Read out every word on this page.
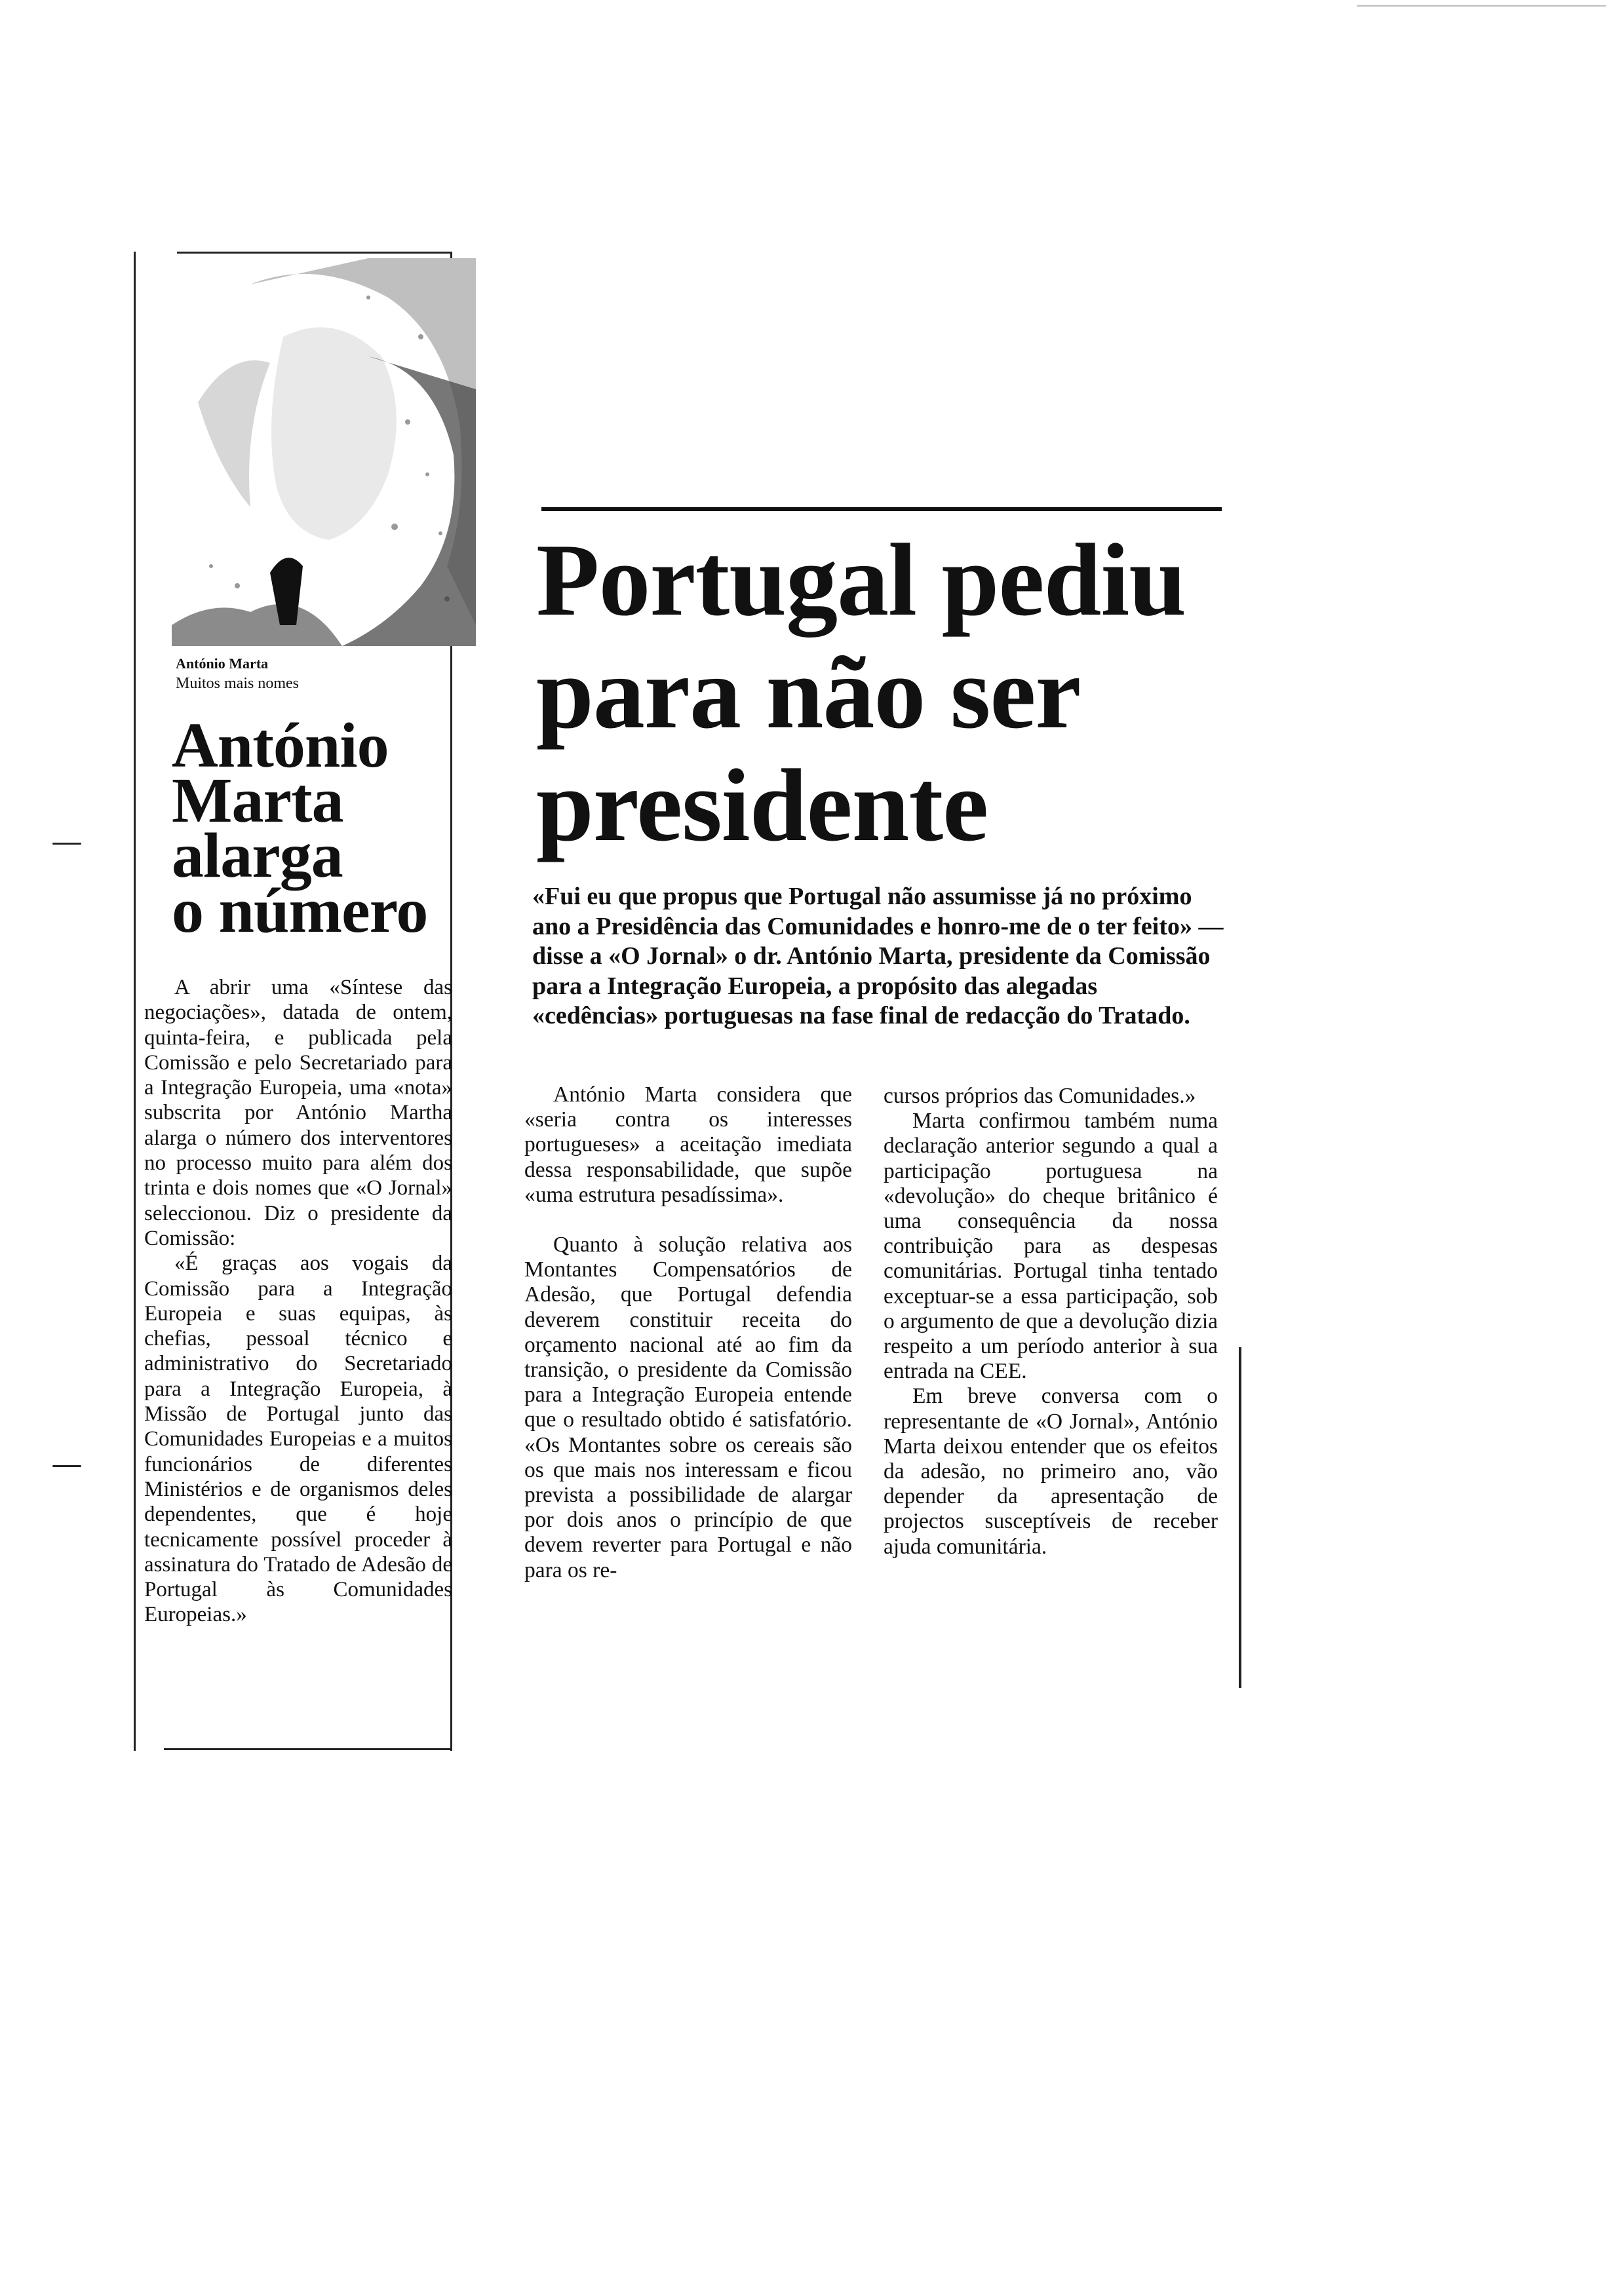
António Marta
Muitos mais nomes
António
Marta
alarga
o número

A abrir uma «Síntese das negociações», datada de ontem, quinta-feira, e publicada pela Comissão e pelo Secretariado para a Integração Europeia, uma «nota» subscrita por António Martha alarga o número dos interventores no processo muito para além dos trinta e dois nomes que «O Jornal» seleccionou. Diz o presidente da Comissão:

«É graças aos vogais da Comissão para a Integração Europeia e suas equipas, às chefias, pessoal técnico e administrativo do Secretariado para a Integração Europeia, à Missão de Portugal junto das Comunidades Europeias e a muitos funcionários de diferentes Ministérios e de organismos deles dependentes, que é hoje tecnicamente possível proceder à assinatura do Tratado de Adesão de Portugal às Comunidades Europeias.»

Portugal pediu
para não ser
presidente

«Fui eu que propus que Portugal não assumisse já no próximo ano a Presidência das Comunidades e honro-me de o ter feito» — disse a «O Jornal» o dr. António Marta, presidente da Comissão para a Integração Europeia, a propósito das alegadas «cedências» portuguesas na fase final de redacção do Tratado.

António Marta considera que «seria contra os interesses portugueses» a aceitação imediata dessa responsabilidade, que supõe «uma estrutura pesadíssima».

Quanto à solução relativa aos Montantes Compensatórios de Adesão, que Portugal defendia deverem constituir receita do orçamento nacional até ao fim da transição, o presidente da Comissão para a Integração Europeia entende que o resultado obtido é satisfatório. «Os Montantes sobre os cereais são os que mais nos interessam e ficou prevista a possibilidade de alargar por dois anos o princípio de que devem reverter para Portugal e não para os re-

cursos próprios das Comunidades.»

Marta confirmou também numa declaração anterior segundo a qual a participação portuguesa na «devolução» do cheque britânico é uma consequência da nossa contribuição para as despesas comunitárias. Portugal tinha tentado exceptuar-se a essa participação, sob o argumento de que a devolução dizia respeito a um período anterior à sua entrada na CEE.

Em breve conversa com o representante de «O Jornal», António Marta deixou entender que os efeitos da adesão, no primeiro ano, vão depender da apresentação de projectos susceptíveis de receber ajuda comunitária.
